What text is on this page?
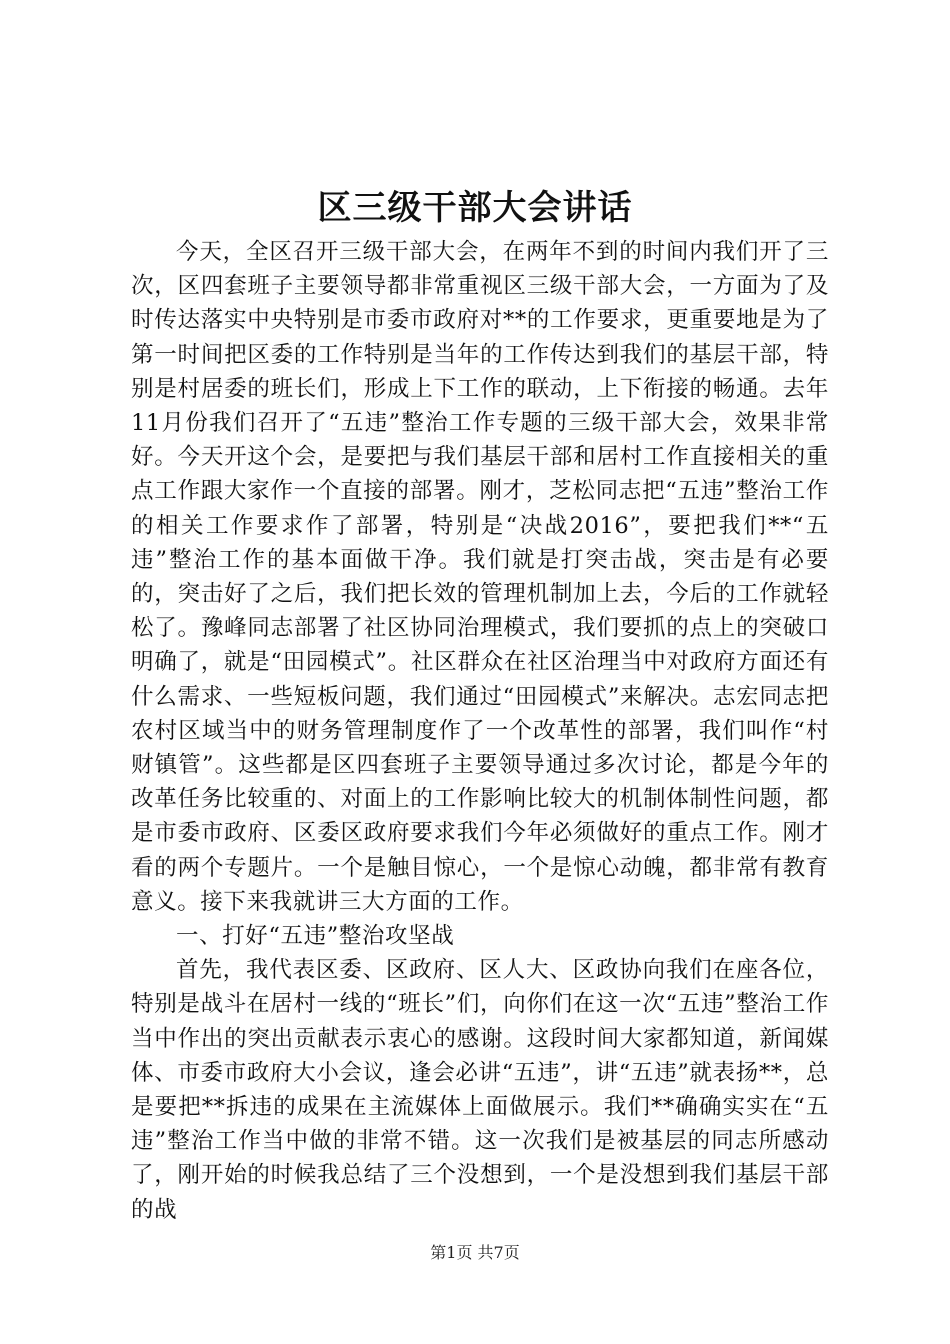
区三级干部大会讲话

今天，全区召开三级干部大会，在两年不到的时间内我们开了三次，区四套班子主要领导都非常重视区三级干部大会，一方面为了及时传达落实中央特别是市委市政府对**的工作要求，更重要地是为了第一时间把区委的工作特别是当年的工作传达到我们的基层干部，特别是村居委的班长们，形成上下工作的联动，上下衔接的畅通。去年11月份我们召开了“五违”整治工作专题的三级干部大会，效果非常好。今天开这个会，是要把与我们基层干部和居村工作直接相关的重点工作跟大家作一个直接的部署。刚才，芝松同志把“五违”整治工作的相关工作要求作了部署，特别是“决战2016”，要把我们**“五违”整治工作的基本面做干净。我们就是打突击战，突击是有必要的，突击好了之后，我们把长效的管理机制加上去，今后的工作就轻松了。豫峰同志部署了社区协同治理模式，我们要抓的点上的突破口明确了，就是“田园模式”。社区群众在社区治理当中对政府方面还有什么需求、一些短板问题，我们通过“田园模式”来解决。志宏同志把农村区域当中的财务管理制度作了一个改革性的部署，我们叫作“村财镇管”。这些都是区四套班子主要领导通过多次讨论，都是今年的改革任务比较重的、对面上的工作影响比较大的机制体制性问题，都是市委市政府、区委区政府要求我们今年必须做好的重点工作。刚才看的两个专题片。一个是触目惊心，一个是惊心动魄，都非常有教育意义。接下来我就讲三大方面的工作。

一、打好“五违”整治攻坚战

首先，我代表区委、区政府、区人大、区政协向我们在座各位，特别是战斗在居村一线的“班长”们，向你们在这一次“五违”整治工作当中作出的突出贡献表示衷心的感谢。这段时间大家都知道，新闻媒体、市委市政府大小会议，逢会必讲“五违”，讲“五违”就表扬**，总是要把**拆违的成果在主流媒体上面做展示。我们**确确实实在“五违”整治工作当中做的非常不错。这一次我们是被基层的同志所感动了，刚开始的时候我总结了三个没想到，一个是没想到我们基层干部的战

第1页 共7页
